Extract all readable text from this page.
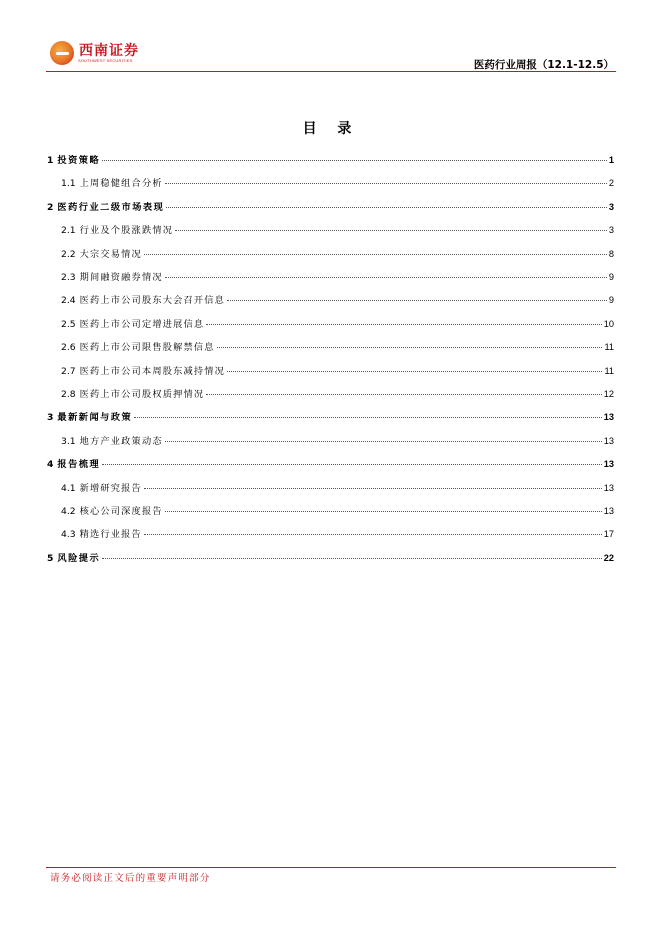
西南证券
SOUTHWEST SECURITIES	医药行业周报（12.1-12.5）
目 录
1 投资策略	1
1.1 上周稳健组合分析	2
2 医药行业二级市场表现	3
2.1 行业及个股涨跌情况	3
2.2 大宗交易情况	8
2.3 期间融资融券情况	9
2.4 医药上市公司股东大会召开信息	9
2.5 医药上市公司定增进展信息	10
2.6 医药上市公司限售股解禁信息	11
2.7 医药上市公司本周股东减持情况	11
2.8 医药上市公司股权质押情况	12
3 最新新闻与政策	13
3.1 地方产业政策动态	13
4 报告梳理	13
4.1 新增研究报告	13
4.2 核心公司深度报告	13
4.3 精选行业报告	17
5 风险提示	22
请务必阅读正文后的重要声明部分
